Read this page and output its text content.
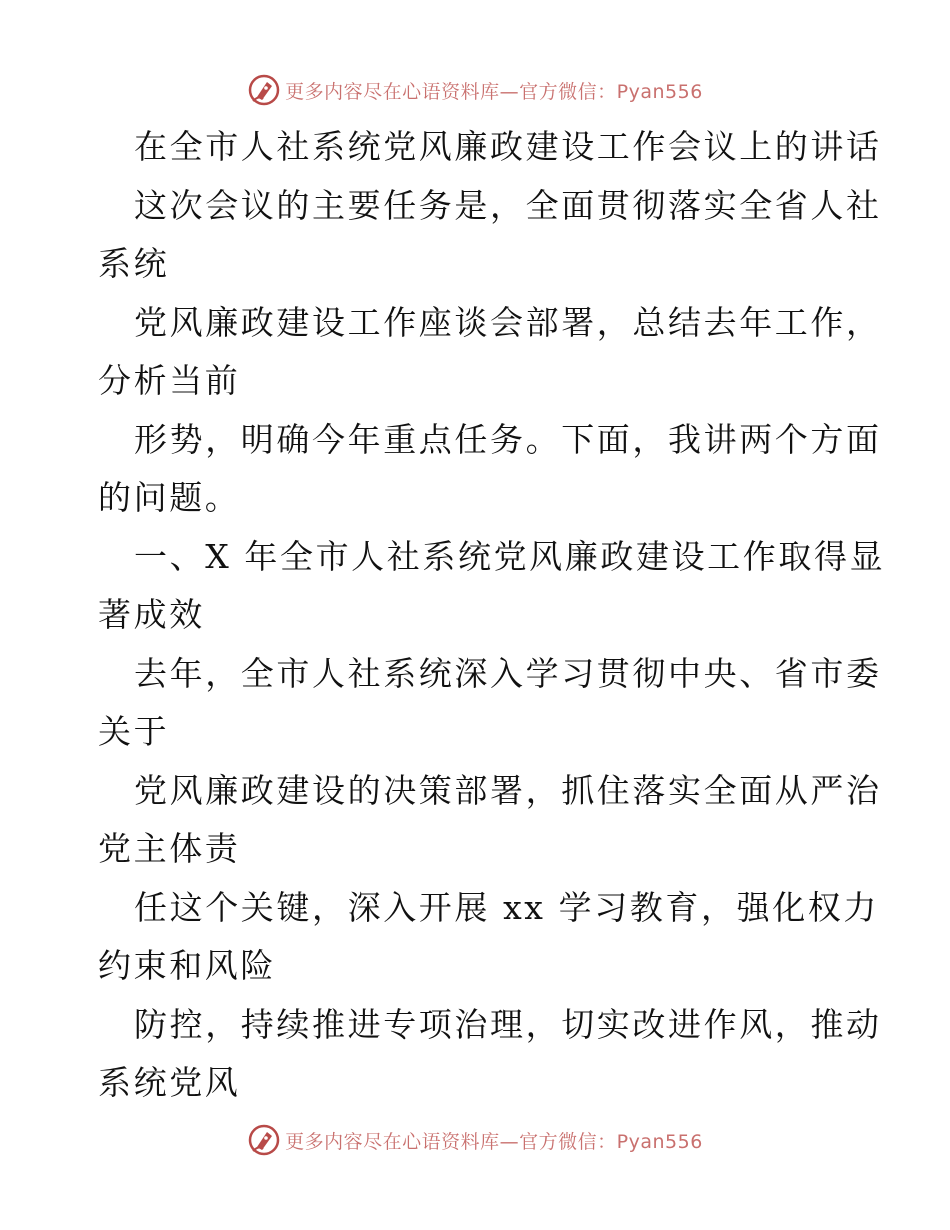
更多内容尽在心语资料库—官方微信：Pyan556
在全市人社系统党风廉政建设工作会议上的讲话
这次会议的主要任务是，全面贯彻落实全省人社
系统
党风廉政建设工作座谈会部署，总结去年工作，
分析当前
形势，明确今年重点任务。下面，我讲两个方面
的问题。
一、X 年全市人社系统党风廉政建设工作取得显
著成效
去年，全市人社系统深入学习贯彻中央、省市委
关于
党风廉政建设的决策部署，抓住落实全面从严治
党主体责
任这个关键，深入开展 xx 学习教育，强化权力
约束和风险
防控，持续推进专项治理，切实改进作风，推动
系统党风
更多内容尽在心语资料库—官方微信：Pyan556
